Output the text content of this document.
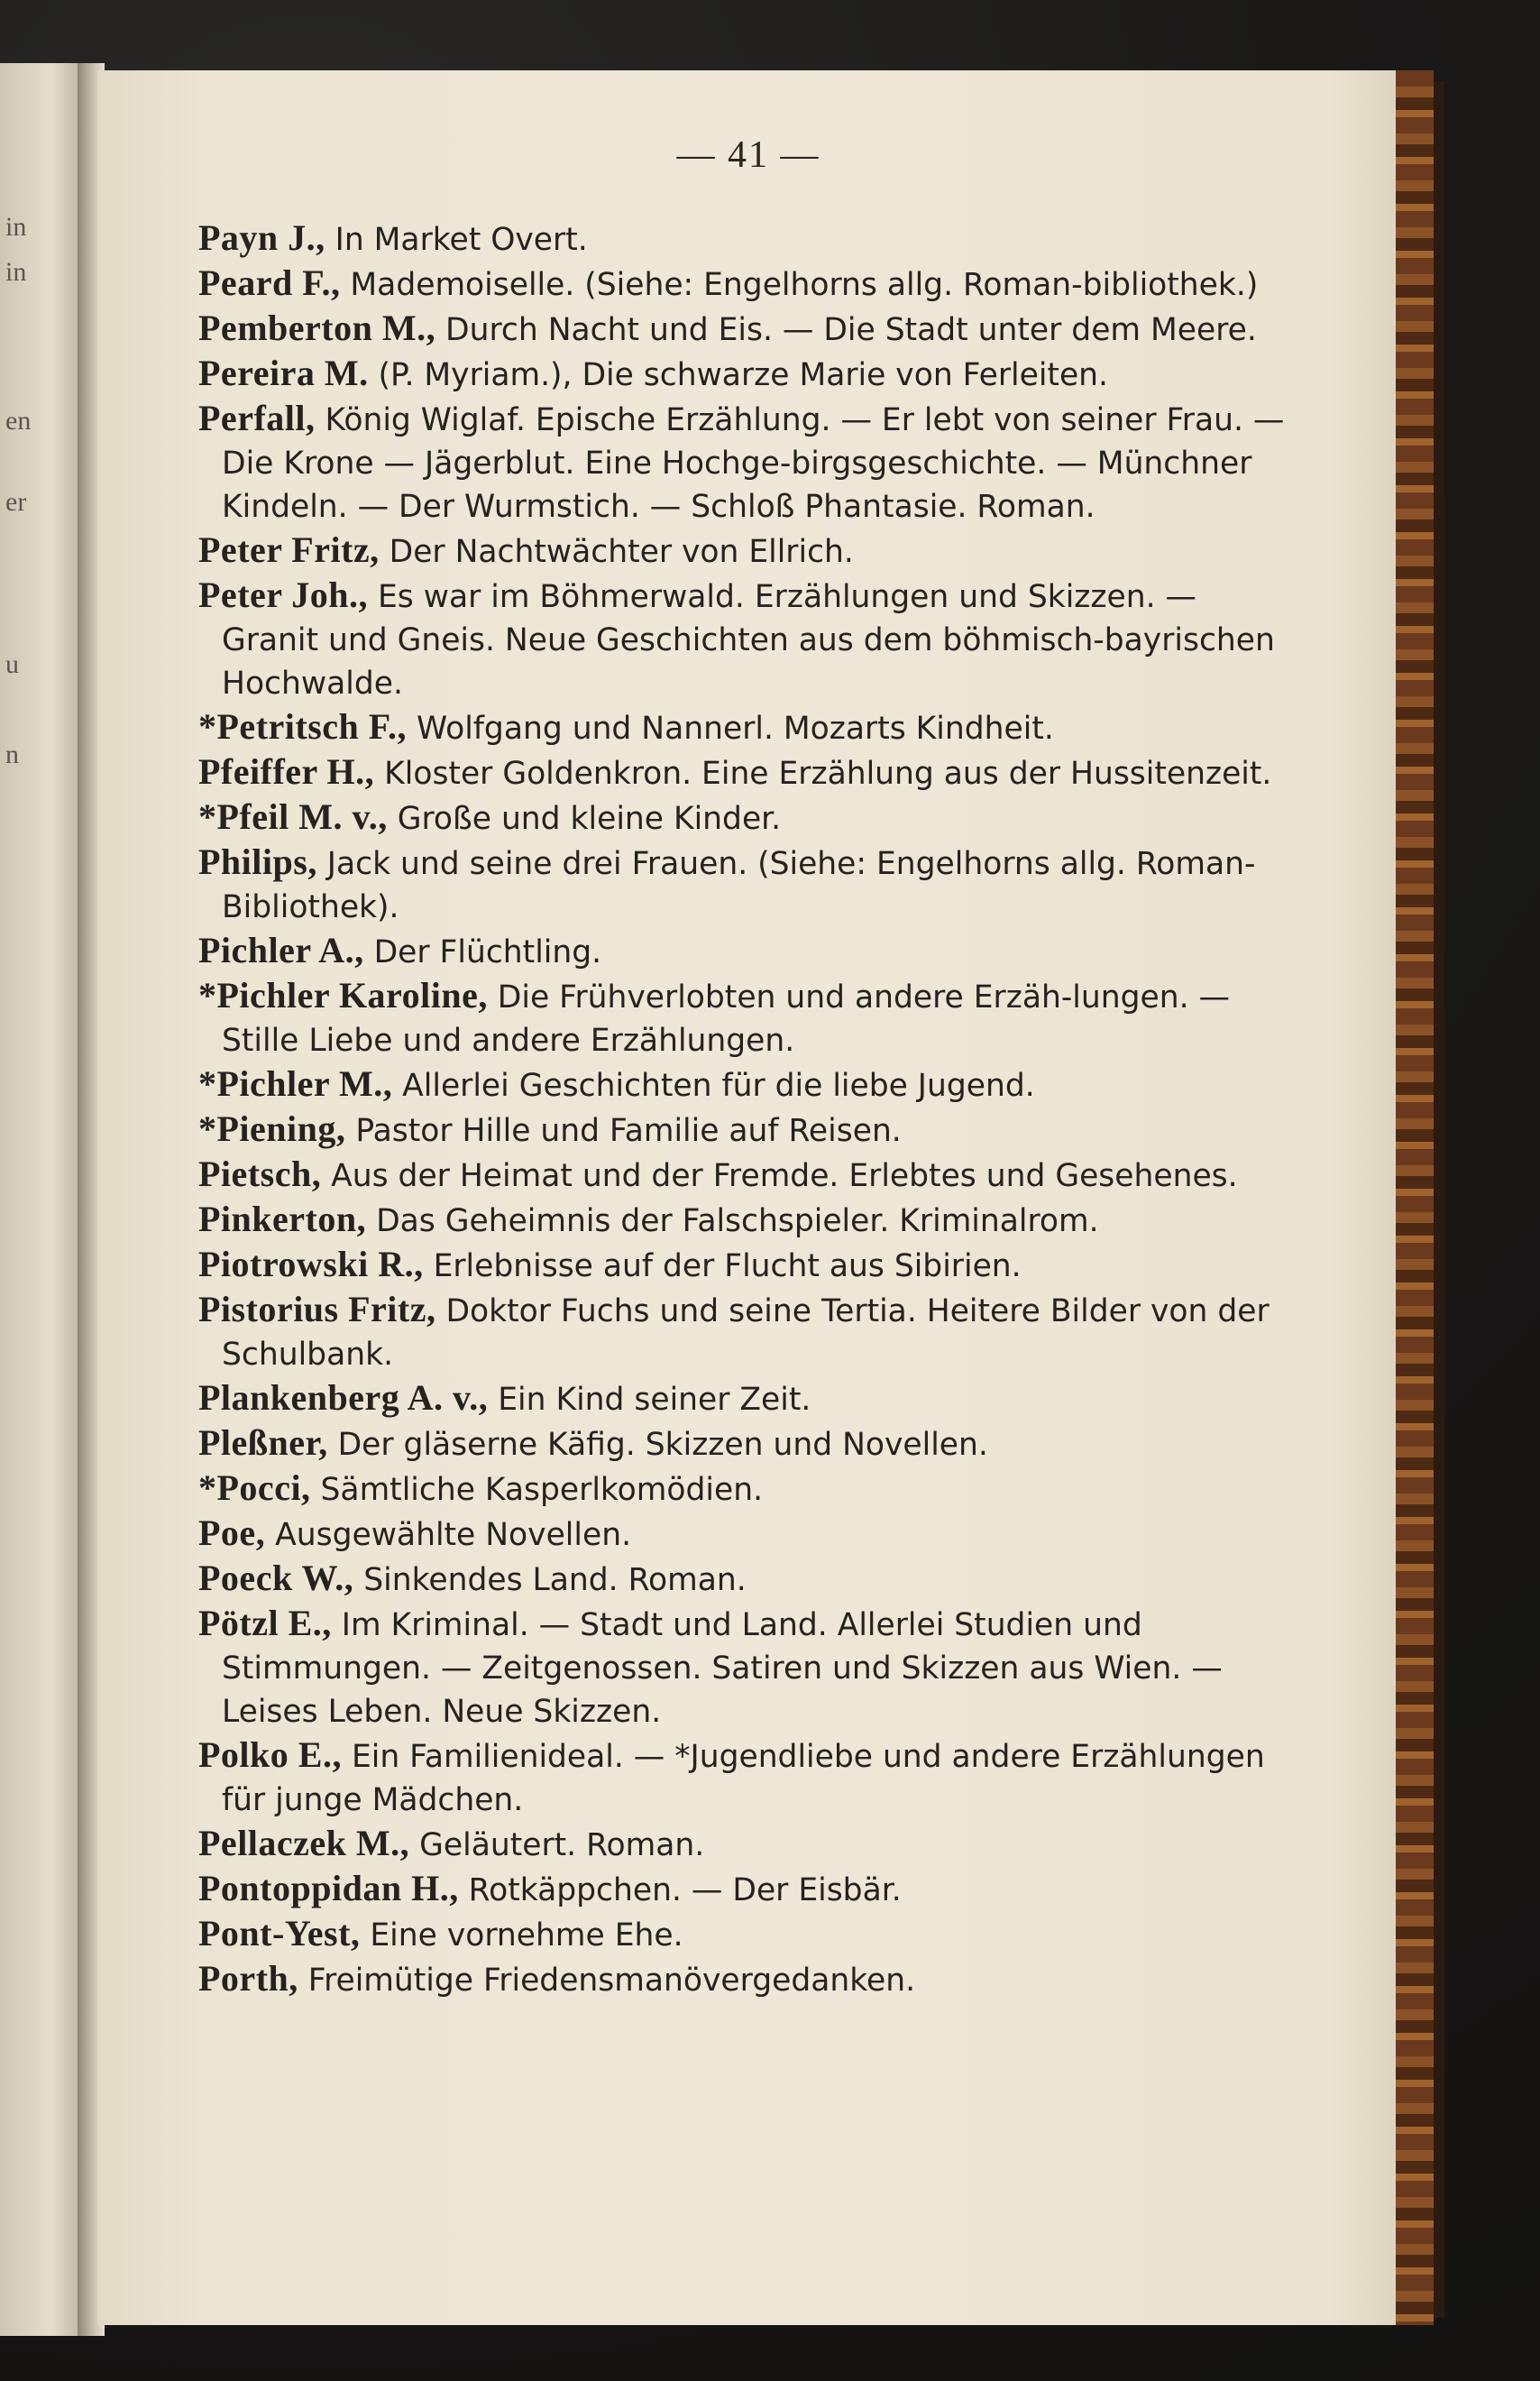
in
in
en
er
u
n
— 41 —

Payn J., In Market Overt.

Peard F., Mademoiselle. (Siehe: Engelhorns allg. Roman-bibliothek.)

Pemberton M., Durch Nacht und Eis. — Die Stadt unter dem Meere.

Pereira M. (P. Myriam.), Die schwarze Marie von Ferleiten.

Perfall, König Wiglaf. Epische Erzählung. — Er lebt von seiner Frau. — Die Krone — Jägerblut. Eine Hochge-birgsgeschichte. — Münchner Kindeln. — Der Wurmstich. — Schloß Phantasie. Roman.

Peter Fritz, Der Nachtwächter von Ellrich.

Peter Joh., Es war im Böhmerwald. Erzählungen und Skizzen. — Granit und Gneis. Neue Geschichten aus dem böhmisch-bayrischen Hochwalde.

*Petritsch F., Wolfgang und Nannerl. Mozarts Kindheit.

Pfeiffer H., Kloster Goldenkron. Eine Erzählung aus der Hussitenzeit.

*Pfeil M. v., Große und kleine Kinder.

Philips, Jack und seine drei Frauen. (Siehe: Engelhorns allg. Roman-Bibliothek).

Pichler A., Der Flüchtling.

*Pichler Karoline, Die Frühverlobten und andere Erzäh-lungen. — Stille Liebe und andere Erzählungen.

*Pichler M., Allerlei Geschichten für die liebe Jugend.

*Piening, Pastor Hille und Familie auf Reisen.

Pietsch, Aus der Heimat und der Fremde. Erlebtes und Gesehenes.

Pinkerton, Das Geheimnis der Falschspieler. Kriminalrom.

Piotrowski R., Erlebnisse auf der Flucht aus Sibirien.

Pistorius Fritz, Doktor Fuchs und seine Tertia. Heitere Bilder von der Schulbank.

Plankenberg A. v., Ein Kind seiner Zeit.

Pleßner, Der gläserne Käfig. Skizzen und Novellen.

*Pocci, Sämtliche Kasperlkomödien.

Poe, Ausgewählte Novellen.

Poeck W., Sinkendes Land. Roman.

Pötzl E., Im Kriminal. — Stadt und Land. Allerlei Studien und Stimmungen. — Zeitgenossen. Satiren und Skizzen aus Wien. — Leises Leben. Neue Skizzen.

Polko E., Ein Familienideal. — *Jugendliebe und andere Erzählungen für junge Mädchen.

Pellaczek M., Geläutert. Roman.

Pontoppidan H., Rotkäppchen. — Der Eisbär.

Pont-Yest, Eine vornehme Ehe.

Porth, Freimütige Friedensmanövergedanken.
